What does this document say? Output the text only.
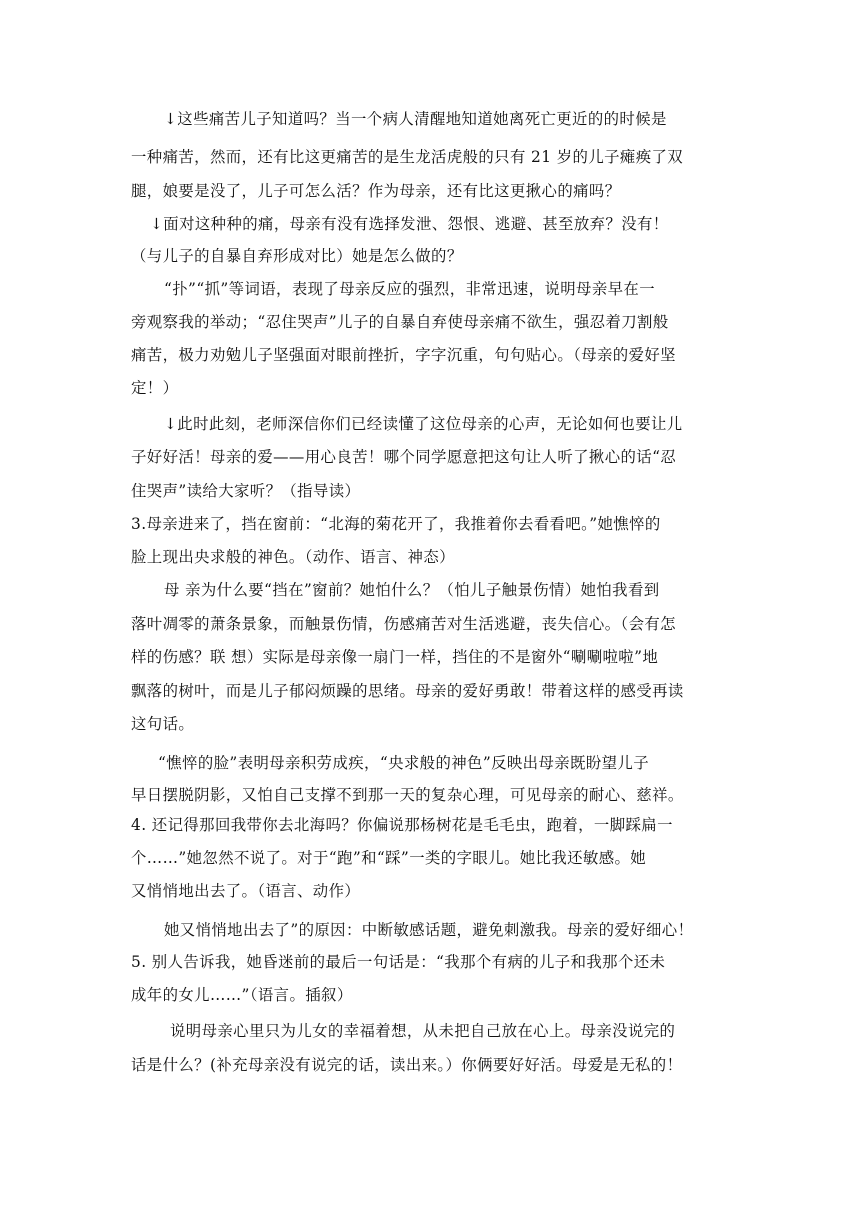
↓这些痛苦儿子知道吗？当一个病人清醒地知道她离死亡更近的的时候是
一种痛苦，然而，还有比这更痛苦的是生龙活虎般的只有 21 岁的儿子瘫痪了双
腿，娘要是没了，儿子可怎么活？作为母亲，还有比这更揪心的痛吗？
↓面对这种种的痛，母亲有没有选择发泄、怨恨、逃避、甚至放弃？没有！
（与儿子的自暴自弃形成对比）她是怎么做的？
“扑”“抓”等词语，表现了母亲反应的强烈，非常迅速，说明母亲早在一
旁观察我的举动；“忍住哭声”儿子的自暴自弃使母亲痛不欲生，强忍着刀割般
痛苦，极力劝勉儿子坚强面对眼前挫折，字字沉重，句句贴心。（母亲的爱好坚
定！）
↓此时此刻，老师深信你们已经读懂了这位母亲的心声，无论如何也要让儿
子好好活！母亲的爱——用心良苦！哪个同学愿意把这句让人听了揪心的话“忍
住哭声”读给大家听？（指导读）
3.母亲进来了，挡在窗前：“北海的菊花开了，我推着你去看看吧。”她憔悴的
脸上现出央求般的神色。（动作、语言、神态）
母 亲为什么要“挡在”窗前？她怕什么？（怕儿子触景伤情）她怕我看到
落叶凋零的萧条景象，而触景伤情，伤感痛苦对生活逃避，丧失信心。（会有怎
样的伤感？联 想）实际是母亲像一扇门一样，挡住的不是窗外“唰唰啦啦”地
飘落的树叶，而是儿子郁闷烦躁的思绪。母亲的爱好勇敢！带着这样的感受再读
这句话。
“憔悴的脸”表明母亲积劳成疾，“央求般的神色”反映出母亲既盼望儿子
早日摆脱阴影，又怕自己支撑不到那一天的复杂心理，可见母亲的耐心、慈祥。
4. 还记得那回我带你去北海吗？你偏说那杨树花是毛毛虫，跑着，一脚踩扁一
个……”她忽然不说了。对于“跑”和“踩”一类的字眼儿。她比我还敏感。她
又悄悄地出去了。（语言、动作）
她又悄悄地出去了”的原因：中断敏感话题，避免刺激我。母亲的爱好细心！
5. 别人告诉我，她昏迷前的最后一句话是：“我那个有病的儿子和我那个还未
成年的女儿……”（语言。插叙）
说明母亲心里只为儿女的幸福着想，从未把自己放在心上。母亲没说完的
话是什么？(补充母亲没有说完的话，读出来。）你俩要好好活。母爱是无私的！
